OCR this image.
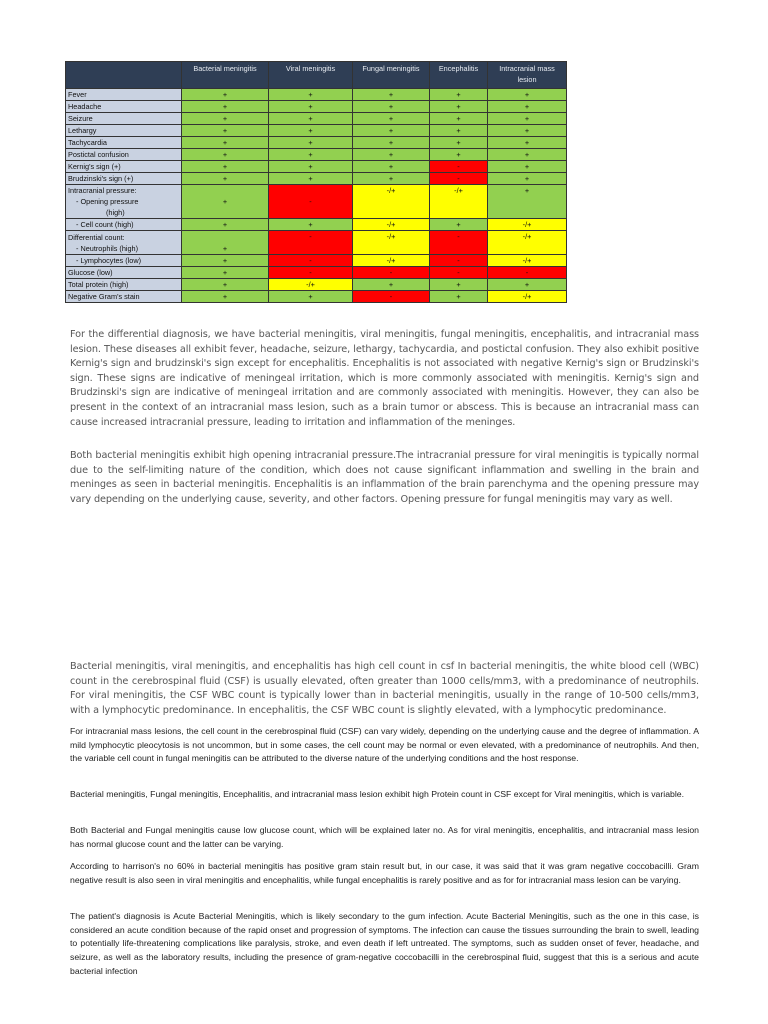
	Bacterial meningitis	Viral meningitis	Fungal meningitis	Encephalitis	Intracranial mass lesion
Fever	+	+	+	+	+
Headache	+	+	+	+	+
Seizure	+	+	+	+	+
Lethargy	+	+	+	+	+
Tachycardia	+	+	+	+	+
Postictal confusion	+	+	+	+	+
Kernig's sign (+)	+	+	+	-	+
Brudzinski's sign (+)	+	+	+	-	+
Intracranial pressure:
- Opening pressure
(high)	+	-	-/+	-/+	+

- Cell count (high)	+	+	-/+	+	-/+
Differential count:
- Neutrophils (high)	+	-	-/+	-	-/+

- Lymphocytes (low)	+	-	-/+	-	-/+
Glucose (low)	+	-	-	-	-
Total protein (high)	+	-/+	+	+	+
Negative Gram's stain	+	+	-	+	-/+

For the differential diagnosis, we have bacterial meningitis, viral meningitis, fungal meningitis, encephalitis, and intracranial mass lesion. These diseases all exhibit fever, headache, seizure, lethargy, tachycardia, and postictal confusion. They also exhibit positive Kernig's sign and brudzinski's sign except for encephalitis. Encephalitis is not associated with negative Kernig's sign or Brudzinski's sign. These signs are indicative of meningeal irritation, which is more commonly associated with meningitis. Kernig's sign and Brudzinski's sign are indicative of meningeal irritation and are commonly associated with meningitis. However, they can also be present in the context of an intracranial mass lesion, such as a brain tumor or abscess. This is because an intracranial mass can cause increased intracranial pressure, leading to irritation and inflammation of the meninges.

Both bacterial meningitis exhibit high opening intracranial pressure.The intracranial pressure for viral meningitis is typically normal due to the self-limiting nature of the condition, which does not cause significant inflammation and swelling in the brain and meninges as seen in bacterial meningitis. Encephalitis is an inflammation of the brain parenchyma and the opening pressure may vary depending on the underlying cause, severity, and other factors. Opening pressure for fungal meningitis may vary as well.

Bacterial meningitis, viral meningitis, and encephalitis has high cell count in csf In bacterial meningitis, the white blood cell (WBC) count in the cerebrospinal fluid (CSF) is usually elevated, often greater than 1000 cells/mm3, with a predominance of neutrophils. For viral meningitis, the CSF WBC count is typically lower than in bacterial meningitis, usually in the range of 10-500 cells/mm3, with a lymphocytic predominance. In encephalitis, the CSF WBC count is slightly elevated, with a lymphocytic predominance.

For intracranial mass lesions, the cell count in the cerebrospinal fluid (CSF) can vary widely, depending on the underlying cause and the degree of inflammation. A mild lymphocytic pleocytosis is not uncommon, but in some cases, the cell count may be normal or even elevated, with a predominance of neutrophils. And then, the variable cell count in fungal meningitis can be attributed to the diverse nature of the underlying conditions and the host response.

Bacterial meningitis, Fungal meningitis, Encephalitis, and intracranial mass lesion exhibit high Protein count in CSF except for Viral meningitis, which is variable.

Both Bacterial and Fungal meningitis cause low glucose count, which will be explained later no. As for viral meningitis, encephalitis, and intracranial mass lesion has normal glucose count and the latter can be varying.

According to harrison's no 60% in bacterial meningitis has positive gram stain result but, in our case, it was said that it was gram negative coccobacilli. Gram negative result is also seen in viral meningitis and encephalitis, while fungal encephalitis is rarely positive and as for for intracranial mass lesion can be varying.

The patient's diagnosis is Acute Bacterial Meningitis, which is likely secondary to the gum infection. Acute Bacterial Meningitis, such as the one in this case, is considered an acute condition because of the rapid onset and progression of symptoms. The infection can cause the tissues surrounding the brain to swell, leading to potentially life-threatening complications like paralysis, stroke, and even death if left untreated. The symptoms, such as sudden onset of fever, headache, and seizure, as well as the laboratory results, including the presence of gram-negative coccobacilli in the cerebrospinal fluid, suggest that this is a serious and acute bacterial infection
